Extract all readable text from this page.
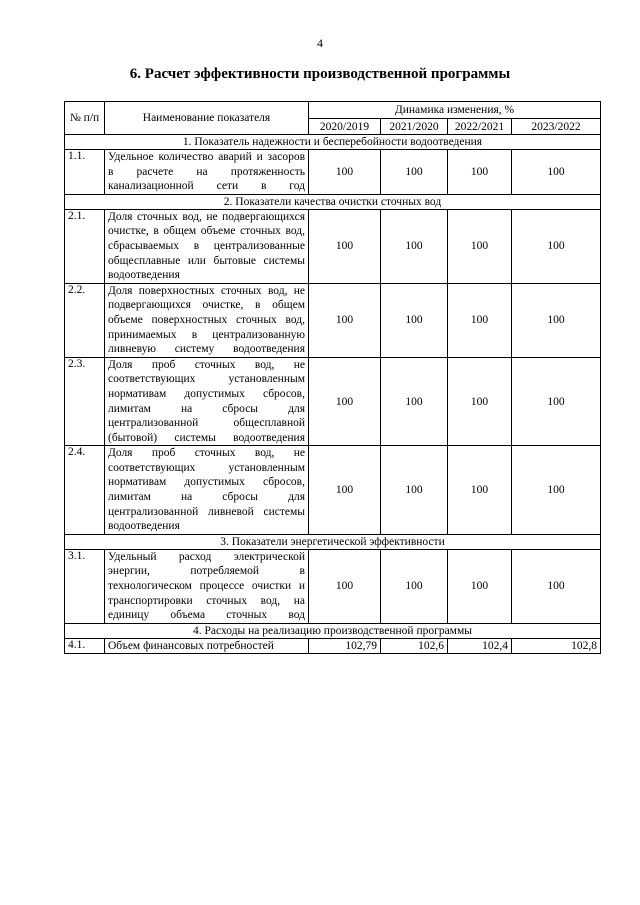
4
6. Расчет эффективности производственной программы
№ п/п	Наименование показателя	Динамика изменения, %			
		2020/2019	2021/2020	2022/2021	2023/2022
1. Показатель надежности и бесперебойности водоотведения					
1.1.	Удельное количество аварий и засоров в расчете на протяженность канализационной сети в год	100	100	100	100
2. Показатели качества очистки сточных вод					
2.1.	Доля сточных вод, не подвергающихся очистке, в общем объеме сточных вод, сбрасываемых в централизованные общесплавные или бытовые системы водоотведения	100	100	100	100
2.2.	Доля поверхностных сточных вод, не подвергающихся очистке, в общем объеме поверхностных сточных вод, принимаемых в централизованную ливневую систему водоотведения	100	100	100	100
2.3.	Доля проб сточных вод, не соответствующих установленным нормативам допустимых сбросов, лимитам на сбросы для централизованной общесплавной (бытовой) системы водоотведения	100	100	100	100
2.4.	Доля проб сточных вод, не соответствующих установленным нормативам допустимых сбросов, лимитам на сбросы для централизованной ливневой системы водоотведения	100	100	100	100
3. Показатели энергетической эффективности					
3.1.	Удельный расход электрической энергии, потребляемой в технологическом процессе очистки и транспортировки сточных вод, на единицу объема сточных вод	100	100	100	100
4. Расходы на реализацию производственной программы					
4.1.	Объем финансовых потребностей	102,79	102,6	102,4	102,8
